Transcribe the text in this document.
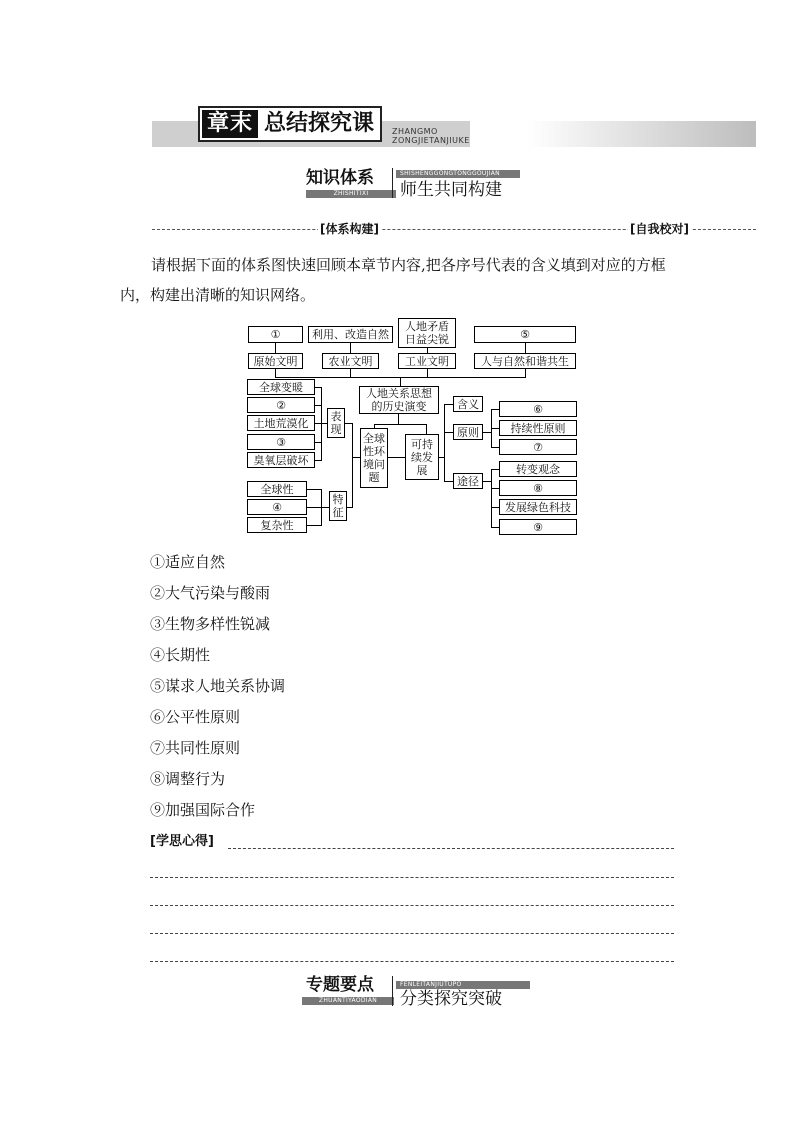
章末 总结探究课	ZHANGMO
ZONGJIETANJIUKE
知识体系	SHISHENGGONGTONGGOUJIAN
ZHISHITIXI	师生共同构建
[体系构建]	[自我校对]
请根据下面的体系图快速回顾本章节内容,把各序号代表的含义填到对应的方框内，构建出清晰的知识网络。
①	利用、改造自然
人地矛盾日益尖锐	⑤
原始文明	农业文明	工业文明	人与自然和谐共生
人地关系思想的历史演变
全球变暖
②
土地荒漠化
③
臭氧层破坏
表现
全球性
④
复杂性
特征
全球性环境问题
可持续发展
含义
原则
途径
⑥
持续性原则
⑦
转变观念
⑧
发展绿色科技
⑨
①适应自然
②大气污染与酸雨
③生物多样性锐减
④长期性
⑤谋求人地关系协调
⑥公平性原则
⑦共同性原则
⑧调整行为
⑨加强国际合作
[学思心得]
专题要点	FENLEITANJIUTUPO
ZHUANTIYAODIAN	分类探究突破
